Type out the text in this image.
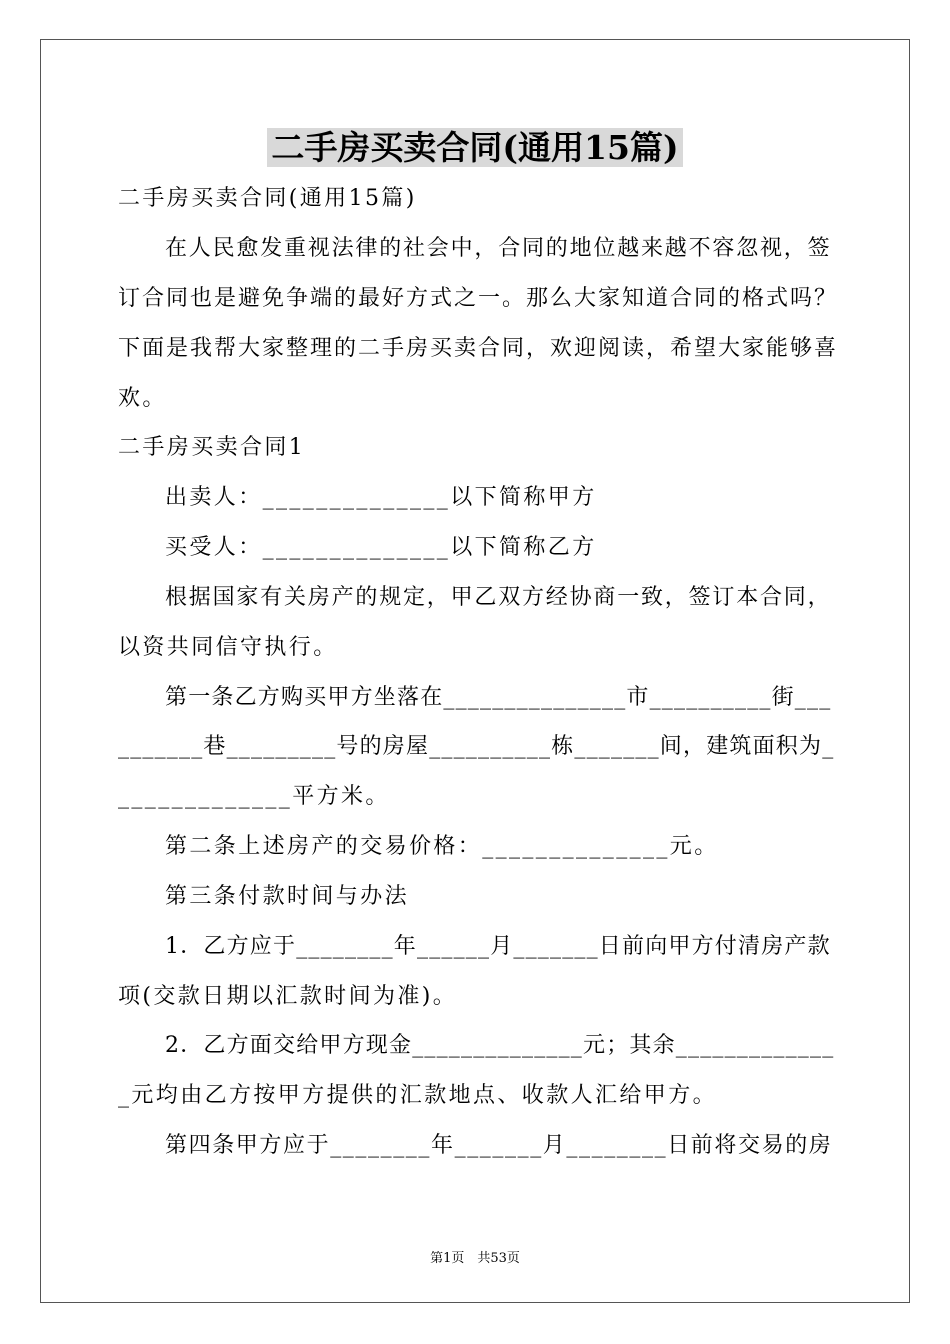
二手房买卖合同(通用15篇)
二手房买卖合同(通用15篇)
在人民愈发重视法律的社会中，合同的地位越来越不容忽视，签
订合同也是避免争端的最好方式之一。那么大家知道合同的格式吗？
下面是我帮大家整理的二手房买卖合同，欢迎阅读，希望大家能够喜
欢。
二手房买卖合同1
出卖人：______________以下简称甲方
买受人：______________以下简称乙方
根据国家有关房产的规定，甲乙双方经协商一致，签订本合同，
以资共同信守执行。
第一条乙方购买甲方坐落在_______________市__________街___
_______巷_________号的房屋__________栋_______间，建筑面积为_
_____________平方米。
第二条上述房产的交易价格：______________元。
第三条付款时间与办法
1．乙方应于________年______月_______日前向甲方付清房产款
项(交款日期以汇款时间为准)。
2．乙方面交给甲方现金______________元；其余_____________
_元均由乙方按甲方提供的汇款地点、收款人汇给甲方。
第四条甲方应于________年_______月________日前将交易的房
第1页　共53页
